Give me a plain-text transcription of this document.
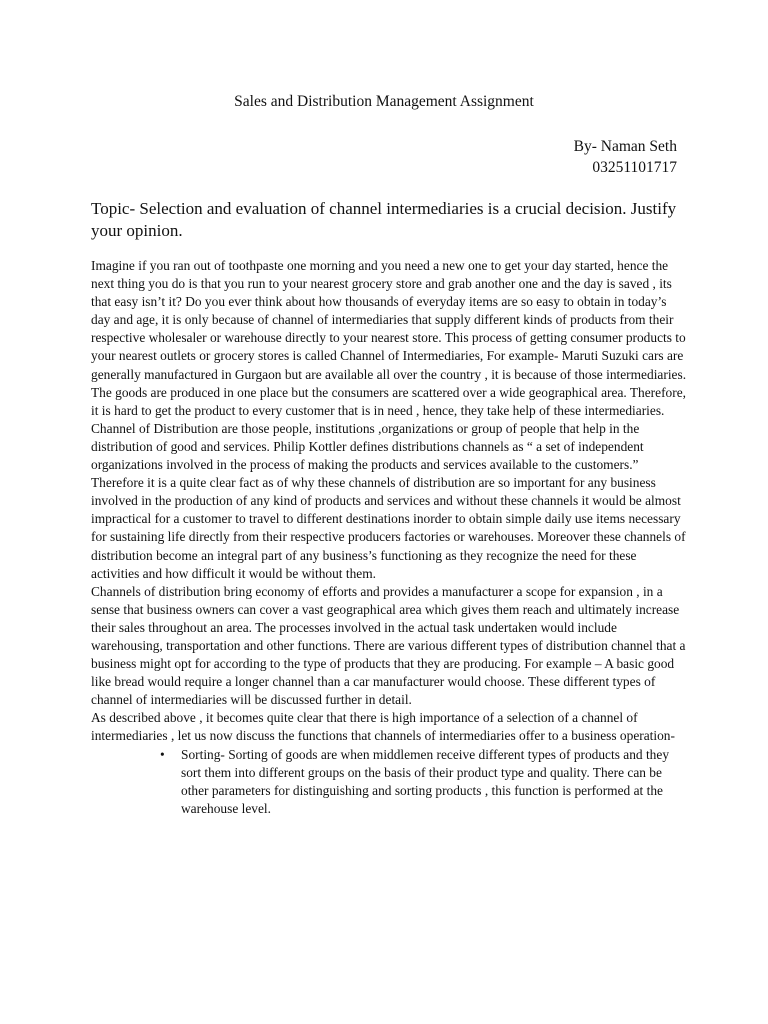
Sales and Distribution Management Assignment
By- Naman Seth
03251101717
Topic- Selection and evaluation of channel intermediaries is a crucial decision. Justify your opinion.

Imagine if you ran out of toothpaste one morning and you need a new one to get your day started, hence the next thing you do is that you run to your nearest grocery store and grab another one and the day is saved , its that easy isn’t it? Do you ever think about how thousands of everyday items are so easy to obtain in today’s day and age, it is only because of channel of intermediaries that supply different kinds of products from their respective wholesaler or warehouse directly to your nearest store. This process of getting consumer products to your nearest outlets or grocery stores is called Channel of Intermediaries, For example- Maruti Suzuki cars are generally manufactured in Gurgaon but are available all over the country , it is because of those intermediaries. The goods are produced in one place but the consumers are scattered over a wide geographical area. Therefore, it is hard to get the product to every customer that is in need , hence, they take help of these intermediaries. Channel of Distribution are those people, institutions ,organizations or group of people that help in the distribution of good and services. Philip Kottler defines distributions channels as “ a set of independent organizations involved in the process of making the products and services available to the customers.”

Therefore it is a quite clear fact as of why these channels of distribution are so important for any business involved in the production of any kind of products and services and without these channels it would be almost impractical for a customer to travel to different destinations inorder to obtain simple daily use items necessary for sustaining life directly from their respective producers factories or warehouses. Moreover these channels of distribution become an integral part of any business’s functioning as they recognize the need for these activities and how difficult it would be without them.

Channels of distribution bring economy of efforts and provides a manufacturer a scope for expansion , in a sense that business owners can cover a vast geographical area which gives them reach and ultimately increase their sales throughout an area. The processes involved in the actual task undertaken would include warehousing, transportation and other functions. There are various different types of distribution channel that a business might opt for according to the type of products that they are producing. For example – A basic good like bread would require a longer channel than a car manufacturer would choose. These different types of channel of intermediaries will be discussed further in detail.

As described above , it becomes quite clear that there is high importance of a selection of a channel of intermediaries , let us now discuss the functions that channels of intermediaries offer to a business operation-

• Sorting- Sorting of goods are when middlemen receive different types of products and they sort them into different groups on the basis of their product type and quality. There can be other parameters for distinguishing and sorting products , this function is performed at the warehouse level.
